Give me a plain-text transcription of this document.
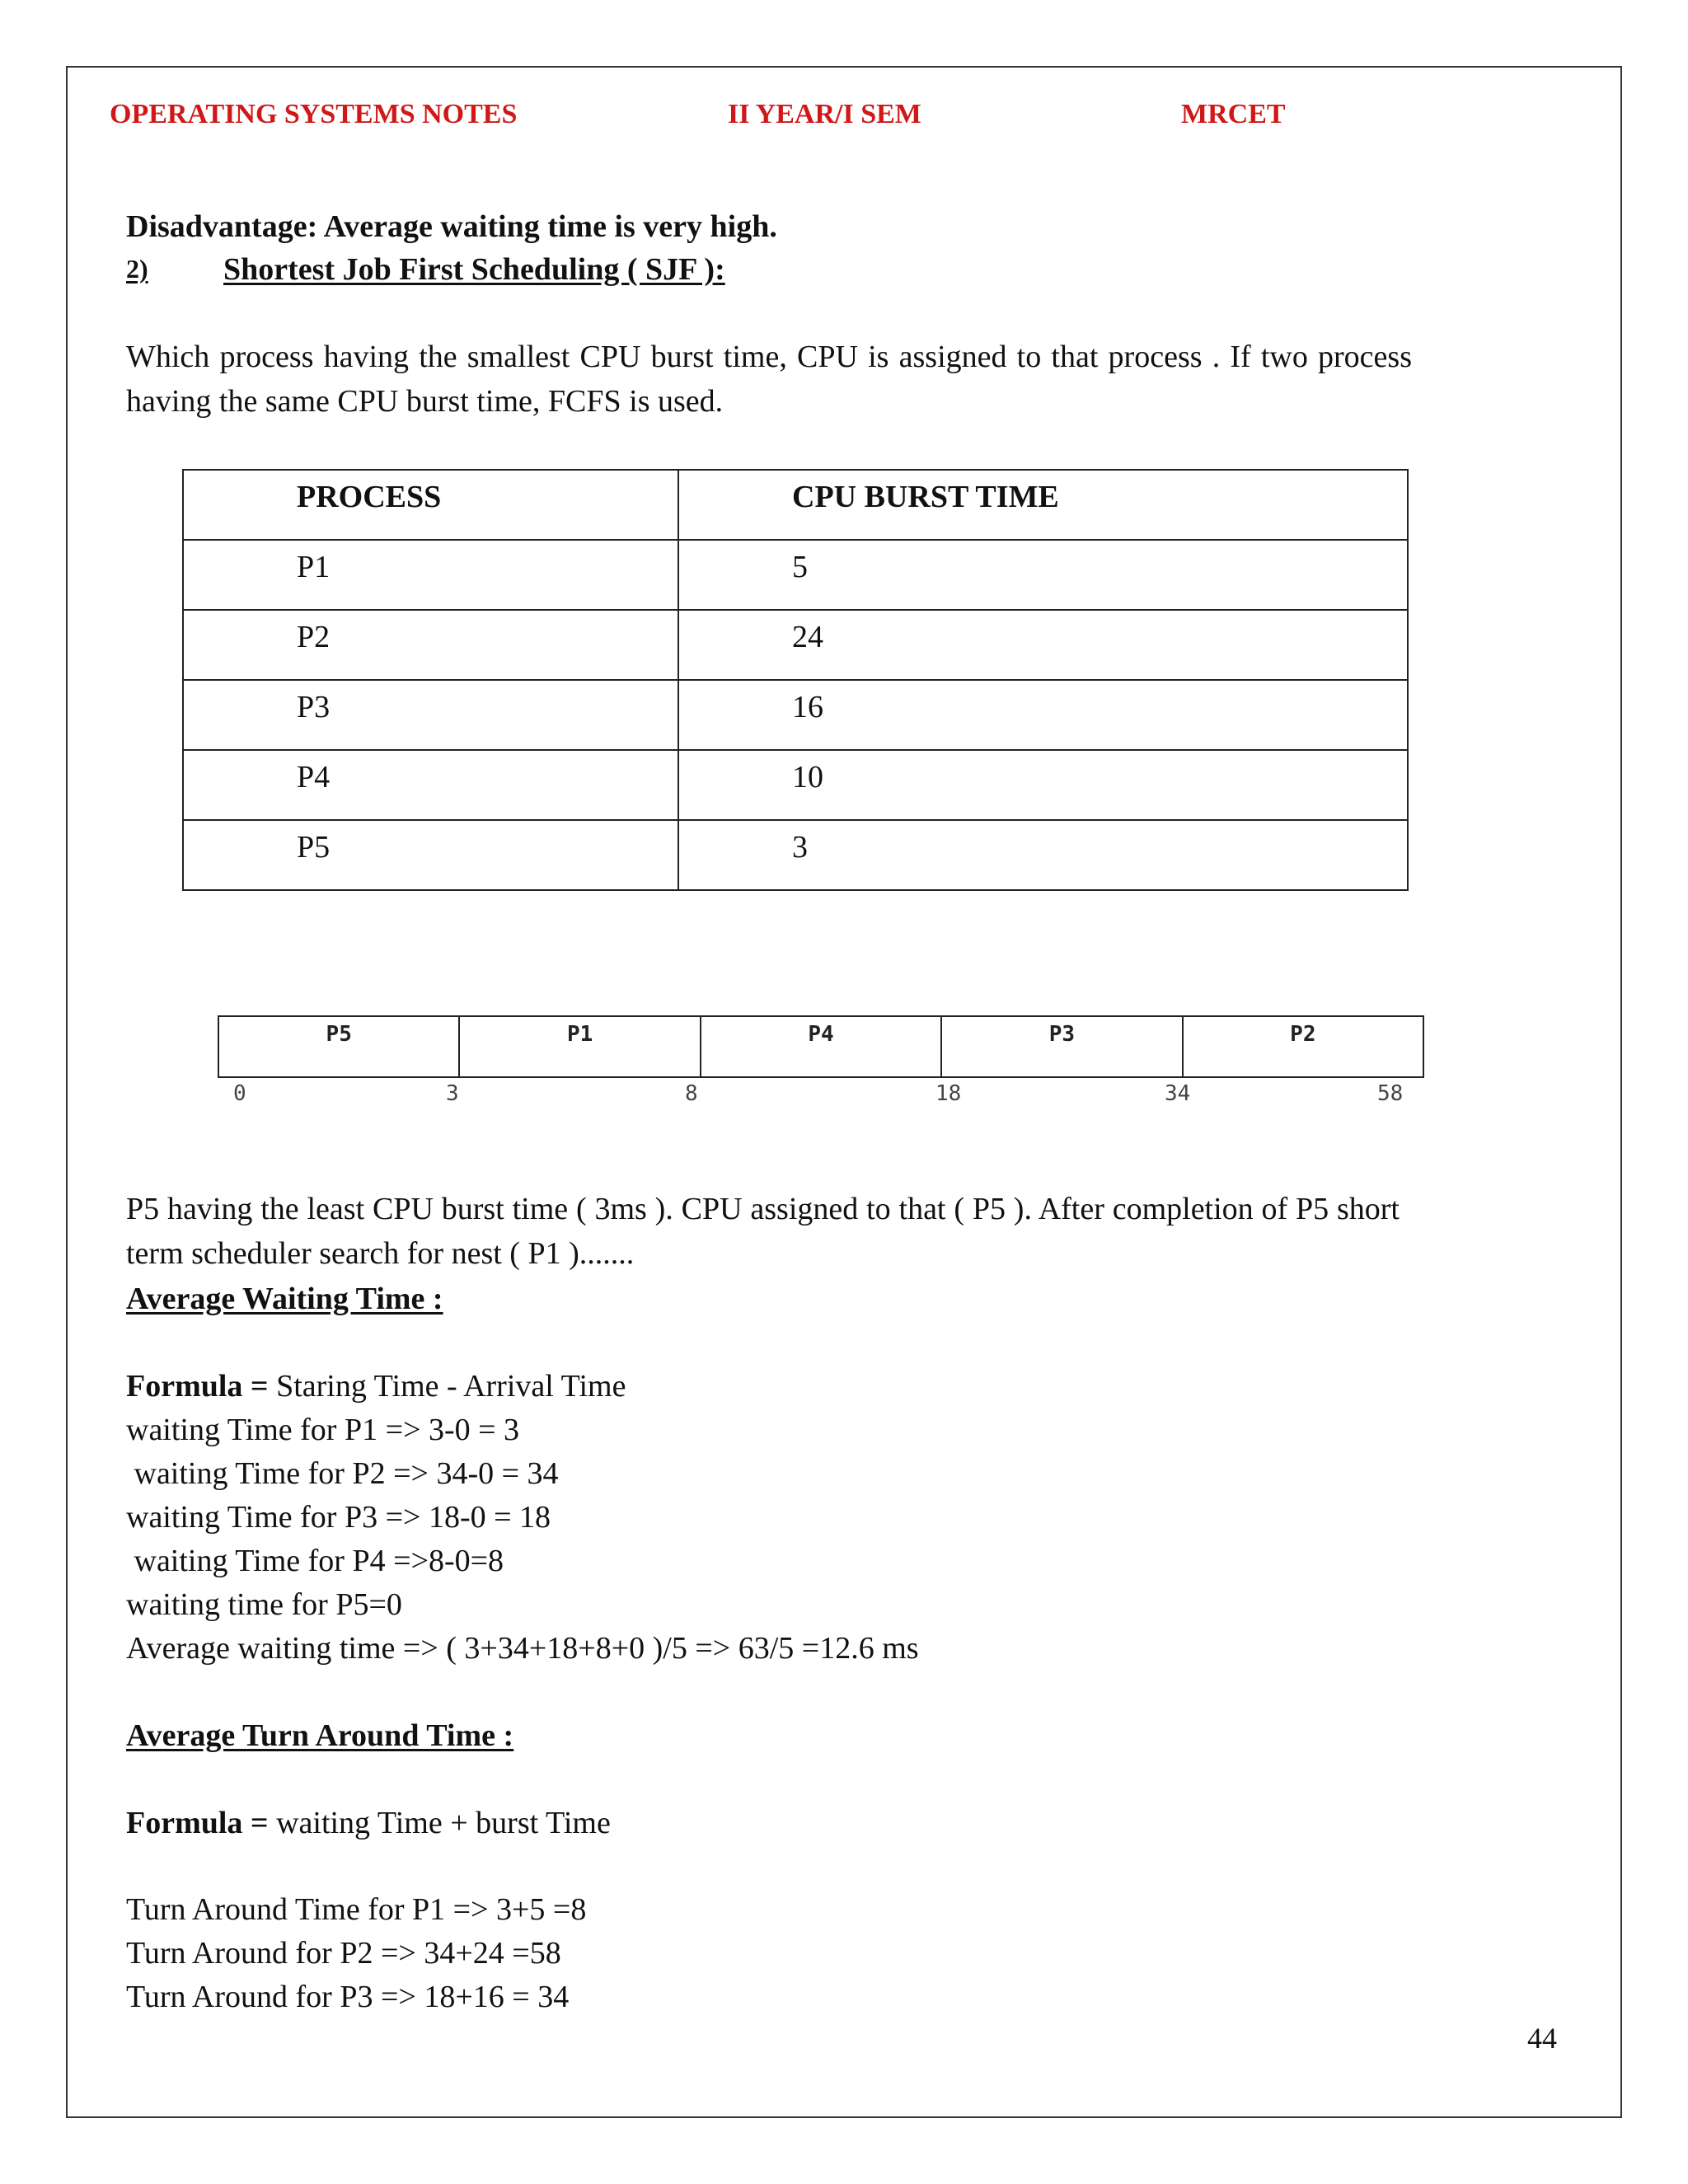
OPERATING SYSTEMS NOTES	II YEAR/I SEM	MRCET
Disadvantage: Average waiting time is very high.
2) Shortest Job First Scheduling ( SJF ):
Which process having the smallest CPU burst time, CPU is assigned to that process . If two process having the same CPU burst time, FCFS is used.
PROCESS	CPU BURST TIME

P1	5

P2	24

P3	16

P4	10

P5	3
P5	P1	P4	P3	P2
0	3	8	18	34	58
P5 having the least CPU burst time ( 3ms ). CPU assigned to that ( P5 ). After completion of P5 short term scheduler search for nest ( P1 ).......
Average Waiting Time :
Formula = Staring Time - Arrival Time
waiting Time for P1 => 3-0 = 3
waiting Time for P2 => 34-0 = 34
waiting Time for P3 => 18-0 = 18
waiting Time for P4 =>8-0=8
waiting time for P5=0
Average waiting time => ( 3+34+18+8+0 )/5 => 63/5 =12.6 ms
Average Turn Around Time :
Formula = waiting Time + burst Time
Turn Around Time for P1 => 3+5 =8
Turn Around for P2 => 34+24 =58
Turn Around for P3 => 18+16 = 34
44
